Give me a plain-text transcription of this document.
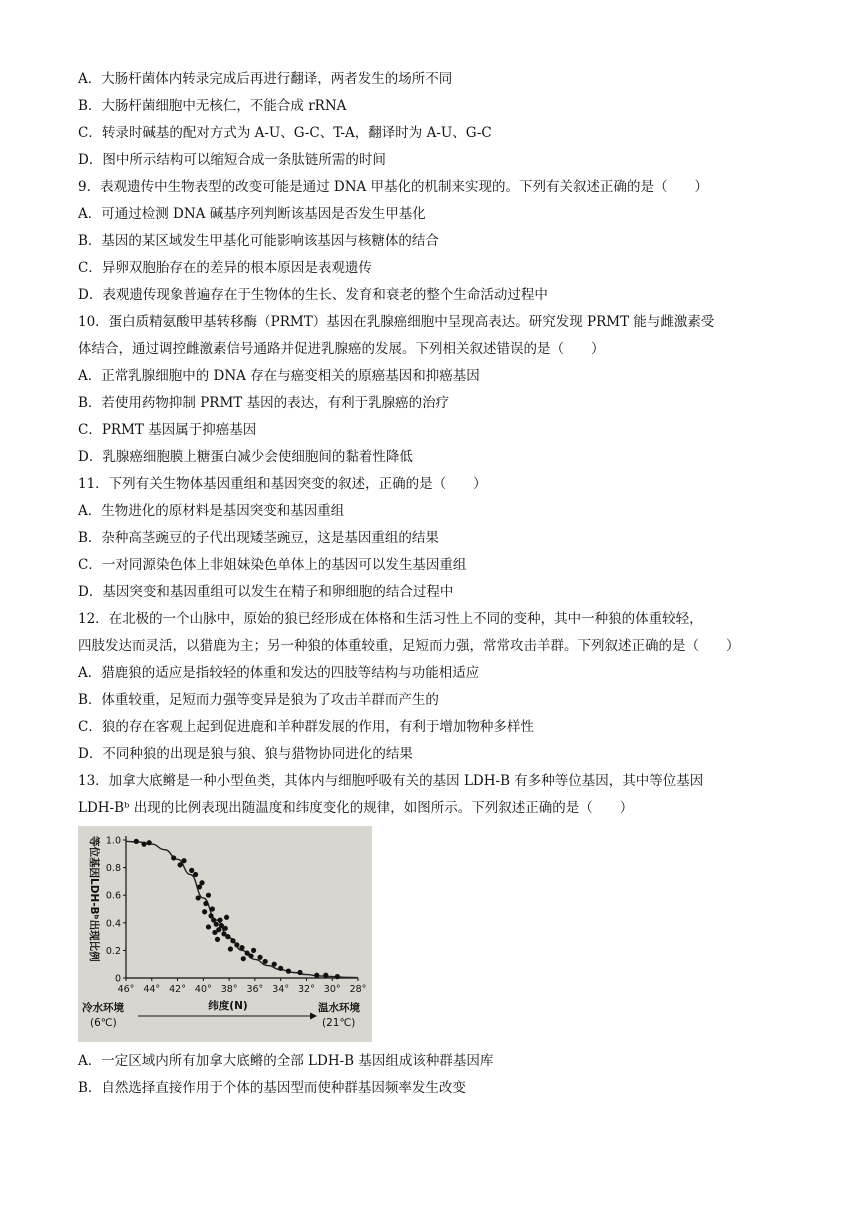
A．大肠杆菌体内转录完成后再进行翻译，两者发生的场所不同
B．大肠杆菌细胞中无核仁，不能合成 rRNA
C．转录时碱基的配对方式为 A-U、G-C、T-A，翻译时为 A-U、G-C
D．图中所示结构可以缩短合成一条肽链所需的时间
9．表观遗传中生物表型的改变可能是通过 DNA 甲基化的机制来实现的。下列有关叙述正确的是（　　）
A．可通过检测 DNA 碱基序列判断该基因是否发生甲基化
B．基因的某区域发生甲基化可能影响该基因与核糖体的结合
C．异卵双胞胎存在的差异的根本原因是表观遗传
D．表观遗传现象普遍存在于生物体的生长、发育和衰老的整个生命活动过程中
10．蛋白质精氨酸甲基转移酶（PRMT）基因在乳腺癌细胞中呈现高表达。研究发现 PRMT 能与雌激素受
体结合，通过调控雌激素信号通路并促进乳腺癌的发展。下列相关叙述错误的是（　　）
A．正常乳腺细胞中的 DNA 存在与癌变相关的原癌基因和抑癌基因
B．若使用药物抑制 PRMT 基因的表达，有利于乳腺癌的治疗
C．PRMT 基因属于抑癌基因
D．乳腺癌细胞膜上糖蛋白减少会使细胞间的黏着性降低
11．下列有关生物体基因重组和基因突变的叙述，正确的是（　　）
A．生物进化的原材料是基因突变和基因重组
B．杂种高茎豌豆的子代出现矮茎豌豆，这是基因重组的结果
C．一对同源染色体上非姐妹染色单体上的基因可以发生基因重组
D．基因突变和基因重组可以发生在精子和卵细胞的结合过程中
12．在北极的一个山脉中，原始的狼已经形成在体格和生活习性上不同的变种，其中一种狼的体重较轻，
四肢发达而灵活，以猎鹿为主；另一种狼的体重较重，足短而力强，常常攻击羊群。下列叙述正确的是（　　）
A．猎鹿狼的适应是指较轻的体重和发达的四肢等结构与功能相适应
B．体重较重，足短而力强等变异是狼为了攻击羊群而产生的
C．狼的存在客观上起到促进鹿和羊种群发展的作用，有利于增加物种多样性
D．不同种狼的出现是狼与狼、狼与猎物协同进化的结果
13．加拿大底鳉是一种小型鱼类，其体内与细胞呼吸有关的基因 LDH-B 有多种等位基因，其中等位基因
LDH-Bᵇ 出现的比例表现出随温度和纬度变化的规律，如图所示。下列叙述正确的是（　　）
0
0.2
0.4
0.6
0.8
1.0
46° 44° 42° 40° 38° 36° 34° 32° 30° 28°
等位基因LDH-Bᵇ出现比例
冷水环境
(6℃)
纬度(N)	温水环境
(21℃)
A．一定区域内所有加拿大底鳉的全部 LDH-B 基因组成该种群基因库
B．自然选择直接作用于个体的基因型而使种群基因频率发生改变
